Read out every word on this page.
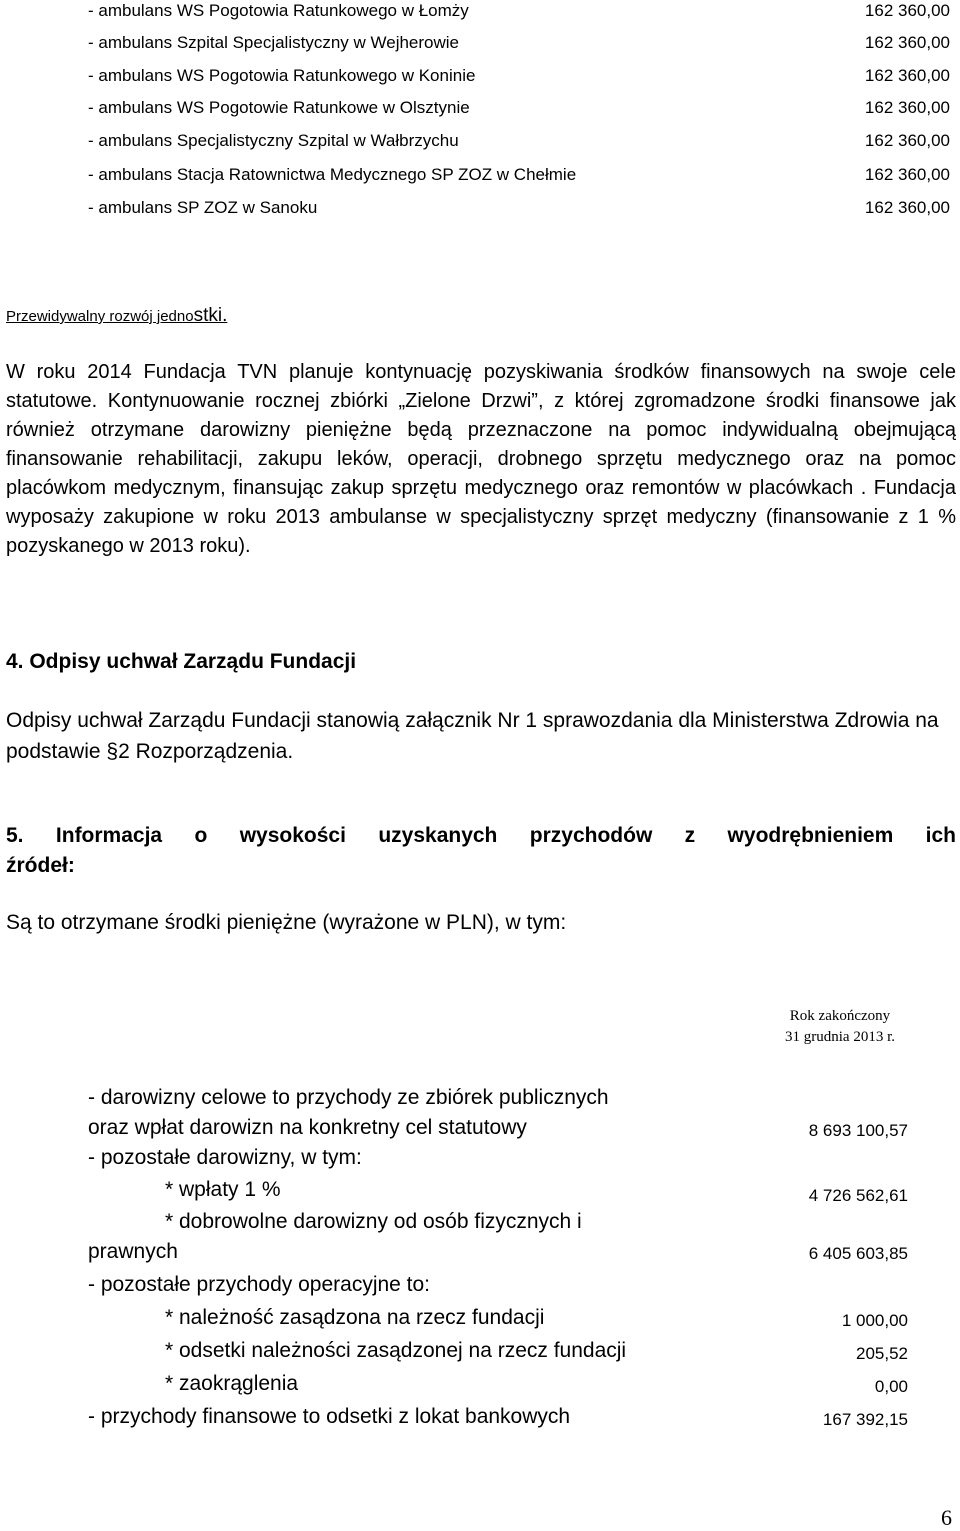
- ambulans WS Pogotowia Ratunkowego w Łomży	162 360,00
- ambulans Szpital Specjalistyczny w Wejherowie	162 360,00
- ambulans WS Pogotowia Ratunkowego w Koninie	162 360,00
- ambulans WS Pogotowie Ratunkowe w Olsztynie	162 360,00
- ambulans Specjalistyczny Szpital w Wałbrzychu	162 360,00
- ambulans Stacja Ratownictwa Medycznego SP ZOZ w Chełmie	162 360,00
- ambulans SP ZOZ w Sanoku	162 360,00
Przewidywalny rozwój jednostki.

W roku 2014 Fundacja TVN planuje kontynuację pozyskiwania środków finansowych na swoje cele statutowe. Kontynuowanie rocznej zbiórki „Zielone Drzwi”, z której zgromadzone środki finansowe jak również otrzymane darowizny pieniężne będą przeznaczone na pomoc indywidualną obejmującą finansowanie rehabilitacji, zakupu leków, operacji, drobnego sprzętu medycznego oraz na pomoc placówkom medycznym, finansując zakup sprzętu medycznego oraz remontów w placówkach . Fundacja wyposaży zakupione w roku 2013 ambulanse w specjalistyczny sprzęt medyczny (finansowanie z 1 % pozyskanego w 2013 roku).

4. Odpisy uchwał Zarządu Fundacji

Odpisy uchwał Zarządu Fundacji stanowią załącznik Nr 1 sprawozdania dla Ministerstwa Zdrowia na podstawie §2 Rozporządzenia.

5. Informacja o wysokości uzyskanych przychodów z wyodrębnieniem ich
źródeł:
Są to otrzymane środki pieniężne (wyrażone w PLN), w tym:
Rok zakończony
31 grudnia 2013 r.
- darowizny celowe to przychody ze zbiórek publicznych
oraz wpłat darowizn na konkretny cel statutowy	8 693 100,57
- pozostałe darowizny, w tym:
* wpłaty 1 %	4 726 562,61
* dobrowolne darowizny od osób fizycznych i
prawnych	6 405 603,85
- pozostałe przychody operacyjne to:
* należność zasądzona na rzecz fundacji	1 000,00
* odsetki należności zasądzonej na rzecz fundacji	205,52
* zaokrąglenia	0,00
- przychody finansowe to odsetki z lokat bankowych	167 392,15
6
